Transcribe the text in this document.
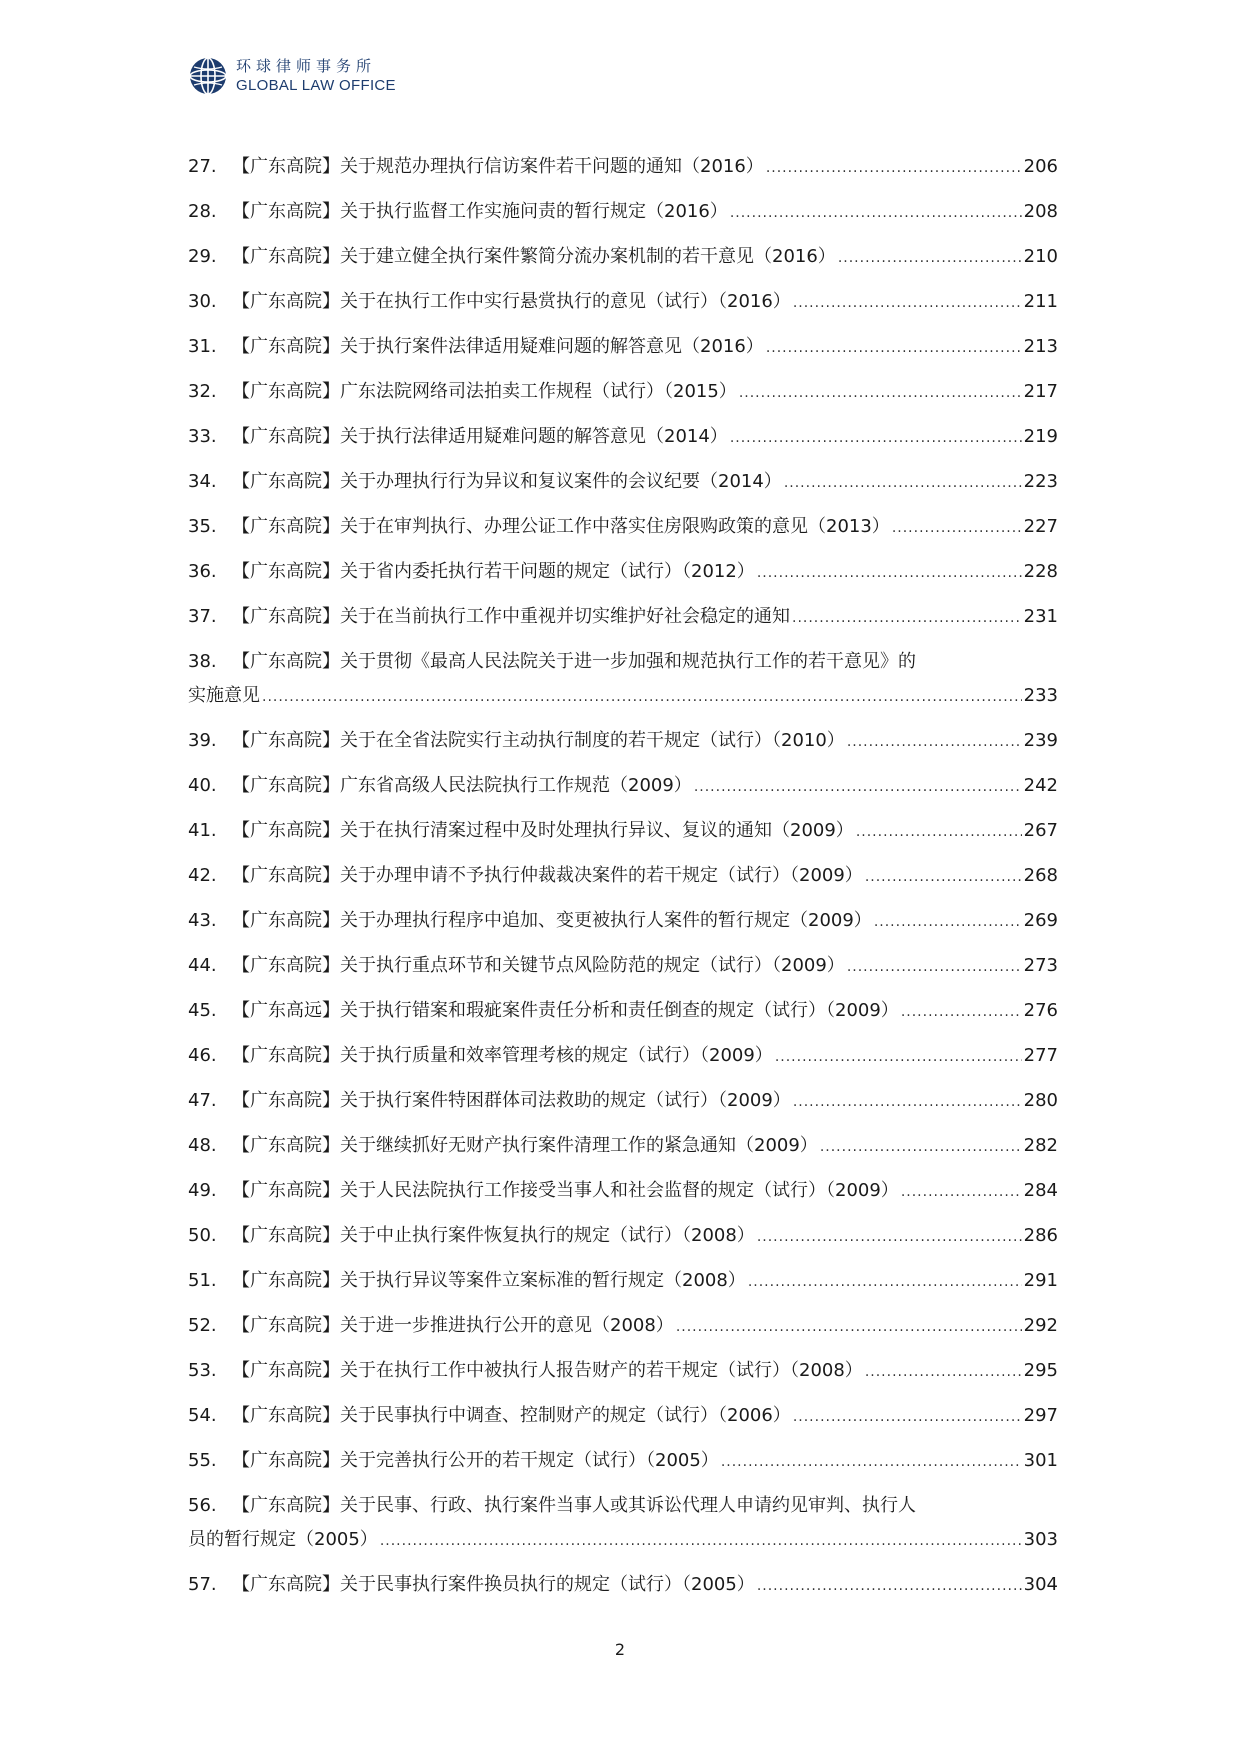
环球律师事务所
GLOBAL LAW OFFICE
27. 【广东高院】关于规范办理执行信访案件若干问题的通知（2016） .....	206
28. 【广东高院】关于执行监督工作实施问责的暂行规定（2016） .....	208
29. 【广东高院】关于建立健全执行案件繁简分流办案机制的若干意见（2016） .....	210
30. 【广东高院】关于在执行工作中实行悬赏执行的意见（试行）（2016） .....	211
31. 【广东高院】关于执行案件法律适用疑难问题的解答意见（2016） .....	213
32. 【广东高院】广东法院网络司法拍卖工作规程（试行）（2015） .....	217
33. 【广东高院】关于执行法律适用疑难问题的解答意见（2014） .....	219
34. 【广东高院】关于办理执行行为异议和复议案件的会议纪要（2014） .....	223
35. 【广东高院】关于在审判执行、办理公证工作中落实住房限购政策的意见（2013） .....	227
36. 【广东高院】关于省内委托执行若干问题的规定（试行）（2012） .....	228
37. 【广东高院】关于在当前执行工作中重视并切实维护好社会稳定的通知 .....	231
38. 【广东高院】关于贯彻《最高人民法院关于进一步加强和规范执行工作的若干意见》的
实施意见 .....	233
39. 【广东高院】关于在全省法院实行主动执行制度的若干规定（试行）（2010） .....	239
40. 【广东高院】广东省高级人民法院执行工作规范（2009） .....	242
41. 【广东高院】关于在执行清案过程中及时处理执行异议、复议的通知（2009） .....	267
42. 【广东高院】关于办理申请不予执行仲裁裁决案件的若干规定（试行）（2009） .....	268
43. 【广东高院】关于办理执行程序中追加、变更被执行人案件的暂行规定（2009） .....	269
44. 【广东高院】关于执行重点环节和关键节点风险防范的规定（试行）（2009） .....	273
45. 【广东高远】关于执行错案和瑕疵案件责任分析和责任倒查的规定（试行）（2009） .....	276
46. 【广东高院】关于执行质量和效率管理考核的规定（试行）（2009） .....	277
47. 【广东高院】关于执行案件特困群体司法救助的规定（试行）（2009） .....	280
48. 【广东高院】关于继续抓好无财产执行案件清理工作的紧急通知（2009） .....	282
49. 【广东高院】关于人民法院执行工作接受当事人和社会监督的规定（试行）（2009） .....	284
50. 【广东高院】关于中止执行案件恢复执行的规定（试行）（2008） .....	286
51. 【广东高院】关于执行异议等案件立案标准的暂行规定（2008） .....	291
52. 【广东高院】关于进一步推进执行公开的意见（2008） .....	292
53. 【广东高院】关于在执行工作中被执行人报告财产的若干规定（试行）（2008） .....	295
54. 【广东高院】关于民事执行中调查、控制财产的规定（试行）（2006） .....	297
55. 【广东高院】关于完善执行公开的若干规定（试行）（2005） .....	301
56. 【广东高院】关于民事、行政、执行案件当事人或其诉讼代理人申请约见审判、执行人
员的暂行规定（2005） .....	303
57. 【广东高院】关于民事执行案件换员执行的规定（试行）（2005） .....	304
2
